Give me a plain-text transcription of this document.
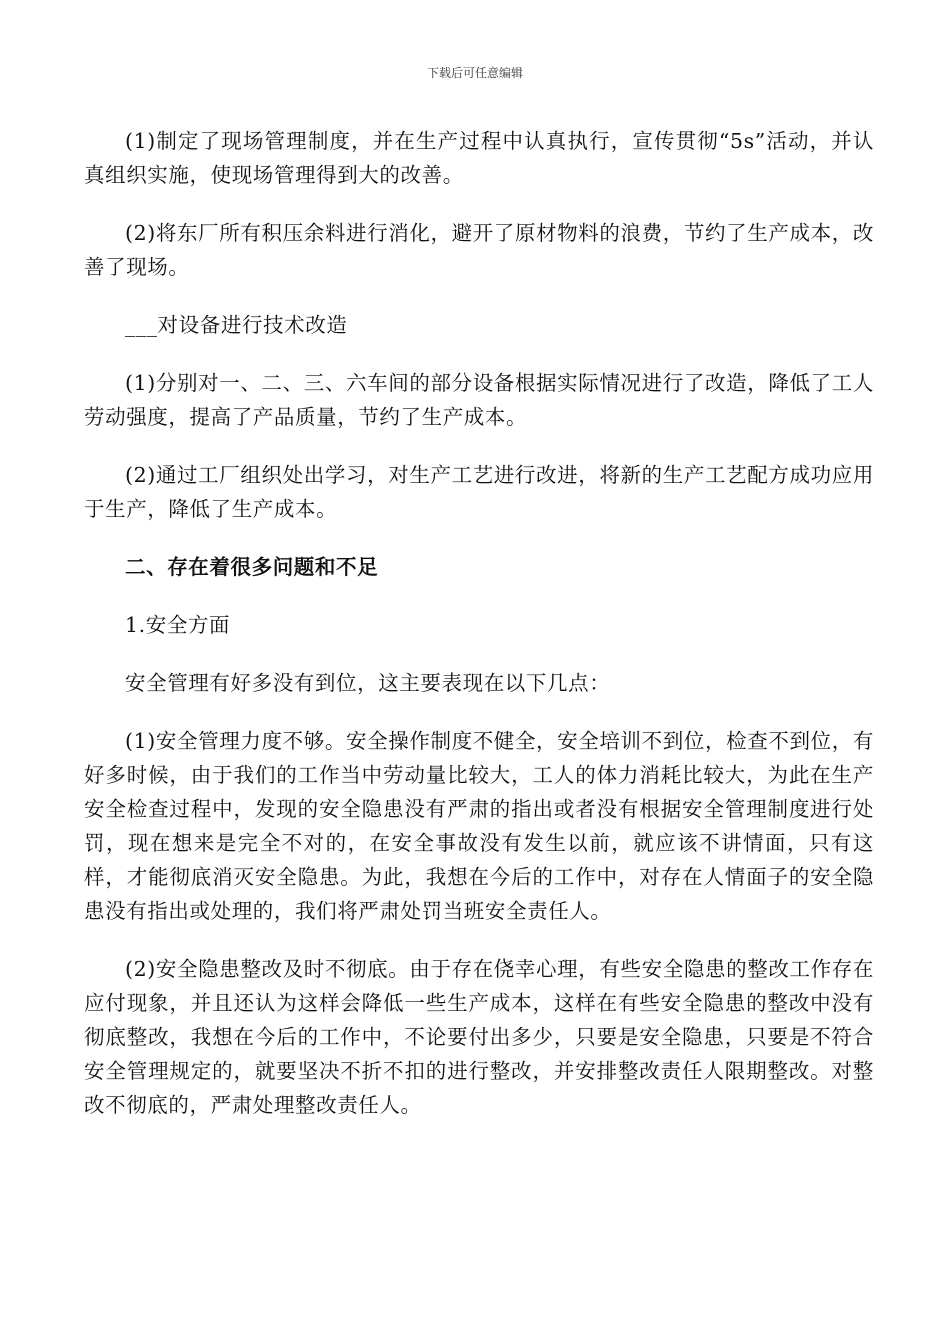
下载后可任意编辑

(1)制定了现场管理制度，并在生产过程中认真执行，宣传贯彻“5s”活动，并认真组织实施，使现场管理得到大的改善。

(2)将东厂所有积压余料进行消化，避开了原材物料的浪费，节约了生产成本，改善了现场。

___对设备进行技术改造

(1)分别对一、二、三、六车间的部分设备根据实际情况进行了改造，降低了工人劳动强度，提高了产品质量，节约了生产成本。

(2)通过工厂组织处出学习，对生产工艺进行改进，将新的生产工艺配方成功应用于生产，降低了生产成本。

二、存在着很多问题和不足

1.安全方面

安全管理有好多没有到位，这主要表现在以下几点：

(1)安全管理力度不够。安全操作制度不健全，安全培训不到位，检查不到位，有好多时候，由于我们的工作当中劳动量比较大，工人的体力消耗比较大，为此在生产安全检查过程中，发现的安全隐患没有严肃的指出或者没有根据安全管理制度进行处罚，现在想来是完全不对的，在安全事故没有发生以前，就应该不讲情面，只有这样，才能彻底消灭安全隐患。为此，我想在今后的工作中，对存在人情面子的安全隐患没有指出或处理的，我们将严肃处罚当班安全责任人。

(2)安全隐患整改及时不彻底。由于存在侥幸心理，有些安全隐患的整改工作存在应付现象，并且还认为这样会降低一些生产成本，这样在有些安全隐患的整改中没有彻底整改，我想在今后的工作中，不论要付出多少，只要是安全隐患，只要是不符合安全管理规定的，就要坚决不折不扣的进行整改，并安排整改责任人限期整改。对整改不彻底的，严肃处理整改责任人。
